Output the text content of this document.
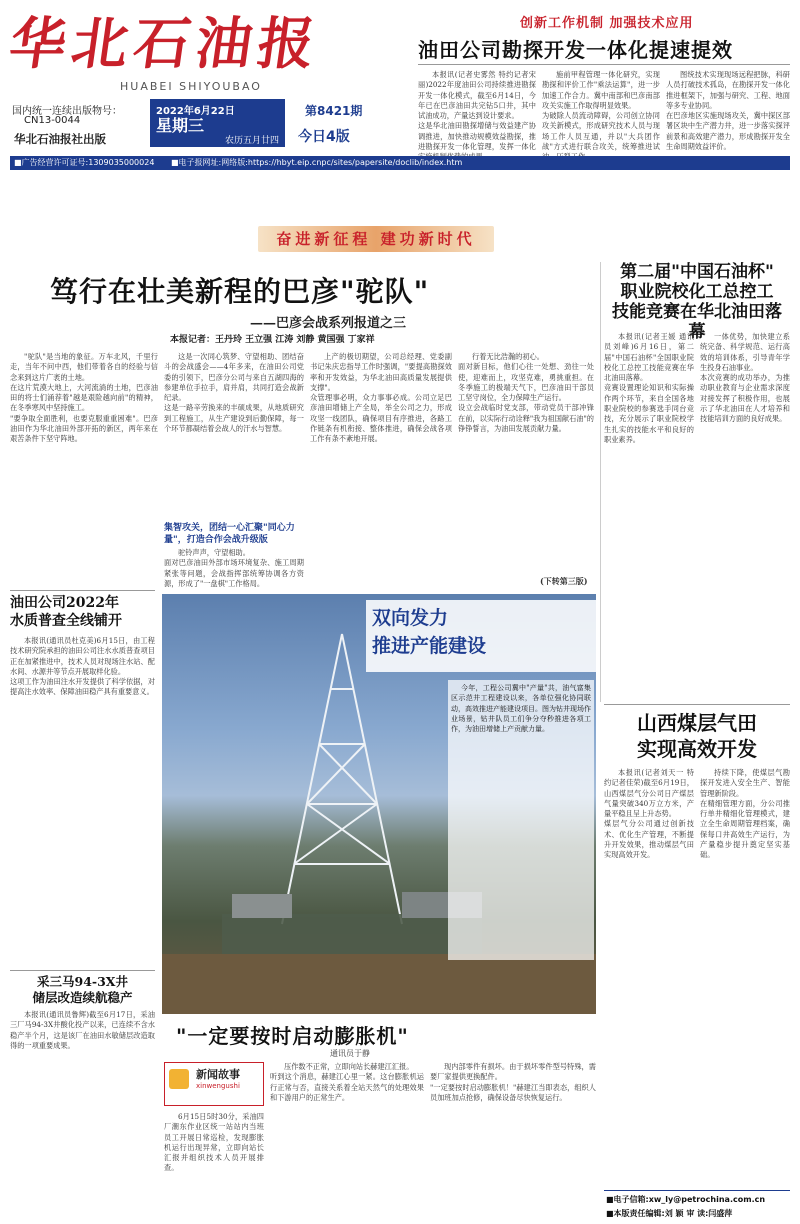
华北石油报
HUABEI SHIYOUBAO
国内统一连续出版物号：
CN13-0044
华北石油报社出版
2022年6月22日
星期三
农历五月廿四
第8421期
今日4版
创新工作机制 加强技术应用
油田公司勘探开发一体化提速提效
本报讯(记者史雾然 特约记者宋丽)2022年度油田公司持续推进勘探开发一体化模式，截至6月14日，今年已在巴彦油田共完钻5口井，其中试油成功，产量达到设计要求。
这是华北油田勘探增储与效益建产协调推进，加快推动规模效益勘探，推进勘探开发一体化管理，发挥一体化
施前甲程管理一体化研究，实现勘探和评价工作"乘法运算"，进一步加速工作合力。冀中南部和巴彦南部攻关实施工作取得明显效果。
为破除人员流动障碍，公司创立协同攻关新模式，形成研究技术人员与现场工作人员互通，并以"大兵团作战"方式进行联合攻关，统筹推进试
图统技术实现现场远程把脉，科研人员打破技术孤岛，在勘探开发一体化推进框架下，加强与研究、工程、地面等多专业协同。
在巴彦地区实施现场攻关，冀中探区部署区块中生产潜力井，进一步落实探评前景和高效建产潜力，形成勘探开发全生命周期效益评价。
■广告经营许可证号:1309035000024 ■电子报网址:网络版:https://hbyt.eip.cnpc/sites/papersite/doclib/index.htm
奋进新征程 建功新时代
笃行在壮美新程的巴彦"驼队"
——巴彦会战系列报道之三
本报记者：王丹玲 王立强 江涛 刘静 黄国强 丁家祥
"驼队"是当地的象征。万车北风，千里行走，当年不问中西，他们带着各自的经验与信念来到这片广袤的土地。
在这片荒漠大地上，大河流淌的土地，巴彦油田的将士们涌荐着"越是艰险越向前"的精神，在冬季寒风中坚持施工。
"要争取全面胜利，也要克服重重困难"。巴彦油田作为华北油田外部开拓的新区，两年来在艰苦条件下坚守阵地。
这是一次同心筑梦、守望相助、团结奋斗的会战盛会——4年多来，在油田公司党委的引领下，巴彦分公司与来自五湖四海的参建单位手拉手，肩并肩，共同打造会战新纪录。
这是一路辛劳换来的丰硕成果，从地质研究到工程施工，从生产建设到后勤保障，每一个环节都凝结着会战人的汗水与智慧。
集智攻关，团结一心汇聚"同心力量"，打造合作会战升级版
驼铃声声，守望相助。
面对巴彦油田外部市场环境复杂、施工周期紧张等问题，会战指挥部统筹协调各方资源，形成了"一盘棋"工作格局。
上产的极切期望，公司总经理、党委副书记朱庆忠指导工作时强调，"要提高勘探效率和开发效益，为华北油田高质量发展提供支撑"。
众管理事必明，众力事事必成。公司立足巴彦油田增储上产全局，举全公司之力，形成攻坚一线团队，确保项目有序推进，各路工作链条有机衔接、整体推进，确保会战各项工作有条不紊地开展。
行着无比浩瀚的初心。
面对新目标，他们心往一处想、劲往一处使，迎难而上，攻坚克难，勇挑重担。在冬季施工的极端天气下，巴彦油田干部员工坚守岗位，全力保障生产运行。
设立会战临时党支部，带动党员干部冲锋在前，以实际行动诠释"我为祖国献石油"的铮铮誓言，为油田发展贡献力量。
(下转第三版)
第二届"中国石油杯"
职业院校化工总控工
技能竞赛在华北油田落幕
本报讯(记者王媛 通讯员刘峰)6月16日，第二届"中国石油杯"全国职业院校化工总控工技能竞赛在华北油田落幕。
竞赛设置理论知识和实际操作两个环节，来自全国各地职业院校的参赛选手同台竞技，充分展示了职业院校学生扎实的技能水平和良好的职业素养。
一体优势，加快建立系统完备、科学规范、运行高效的培训体系，引导青年学生投身石油事业。
本次竞赛的成功举办，为推动职业教育与企业需求深度对接发挥了积极作用，也展示了华北油田在人才培养和技能培训方面的良好成果。
油田公司2022年
水质普查全线铺开
本报讯(通讯员杜克美)6月15日，由工程技术研究院承担的油田公司注水水质普查项目正在加紧推进中，技术人员对现场注水站、配水间、水源井等节点开展取样化验。
这项工作为油田注水开发提供了科学依据，对提高注水效率、保障油田稳产具有重要意义。
采三马94-3X井
储层改造续航稳产
本报讯(通讯员鲁辉)截至6月17日，采油三厂马94-3X井酸化投产以来，已连续不含水稳产半个月，这是该厂在油田水敏储层改造取得的一项重要成果。
双向发力
推进产能建设
今年，工程公司冀中"产量"共，油气富集区示范井工程建设以来，各单位强化协同联动，高效推进产能建设项目。图为钻井现场作业场景，钻井队员工们争分夺秒推进各项工作，为油田增储上产贡献力量。	山西煤层气田
实现高效开发
本报讯(记者刘天一 特约记者佳荣)截至6月19日，山西煤层气分公司日产煤层气量突破340万立方米，产量平稳且呈上升态势。
煤层气分公司通过创新技术、优化生产管理，不断提升开发效果，推动煤层气田实现高效开发。
持续下降，使煤层气勘探开发进入安全生产、智能管理新阶段。
在精细管理方面，分公司推行单井精细化管理模式，建立全生命周期管理档案，确保每口井高效生产运行，为产量稳步提升奠定坚实基础。
"一定要按时启动膨胀机"
通讯员于静
新闻故事
xinwengushi
6月15日5时30分，采油四厂潮东作业区统一站站内当班员工开展日常巡检，发现膨胀机运行出现异常，立即向站长汇报并组织技术人员开展排查。
压作数不正常，立即向站长赫建江汇报。
听到这个消息，赫建江心里一紧。这台膨胀机运行正常与否，直接关系着全站天然气的处理效果和下游用户的正常生产。
现内部零件有损坏。由于损坏零件型号特殊，需要厂家提供更换配件。
"一定要按时启动膨胀机！"赫建江当即表态，组织人员加班加点抢修，确保设备尽快恢复运行。
■电子信箱:xw_ly@petrochina.com.cn
■本版责任编辑:刘 颖 审 读:闫盛萍
